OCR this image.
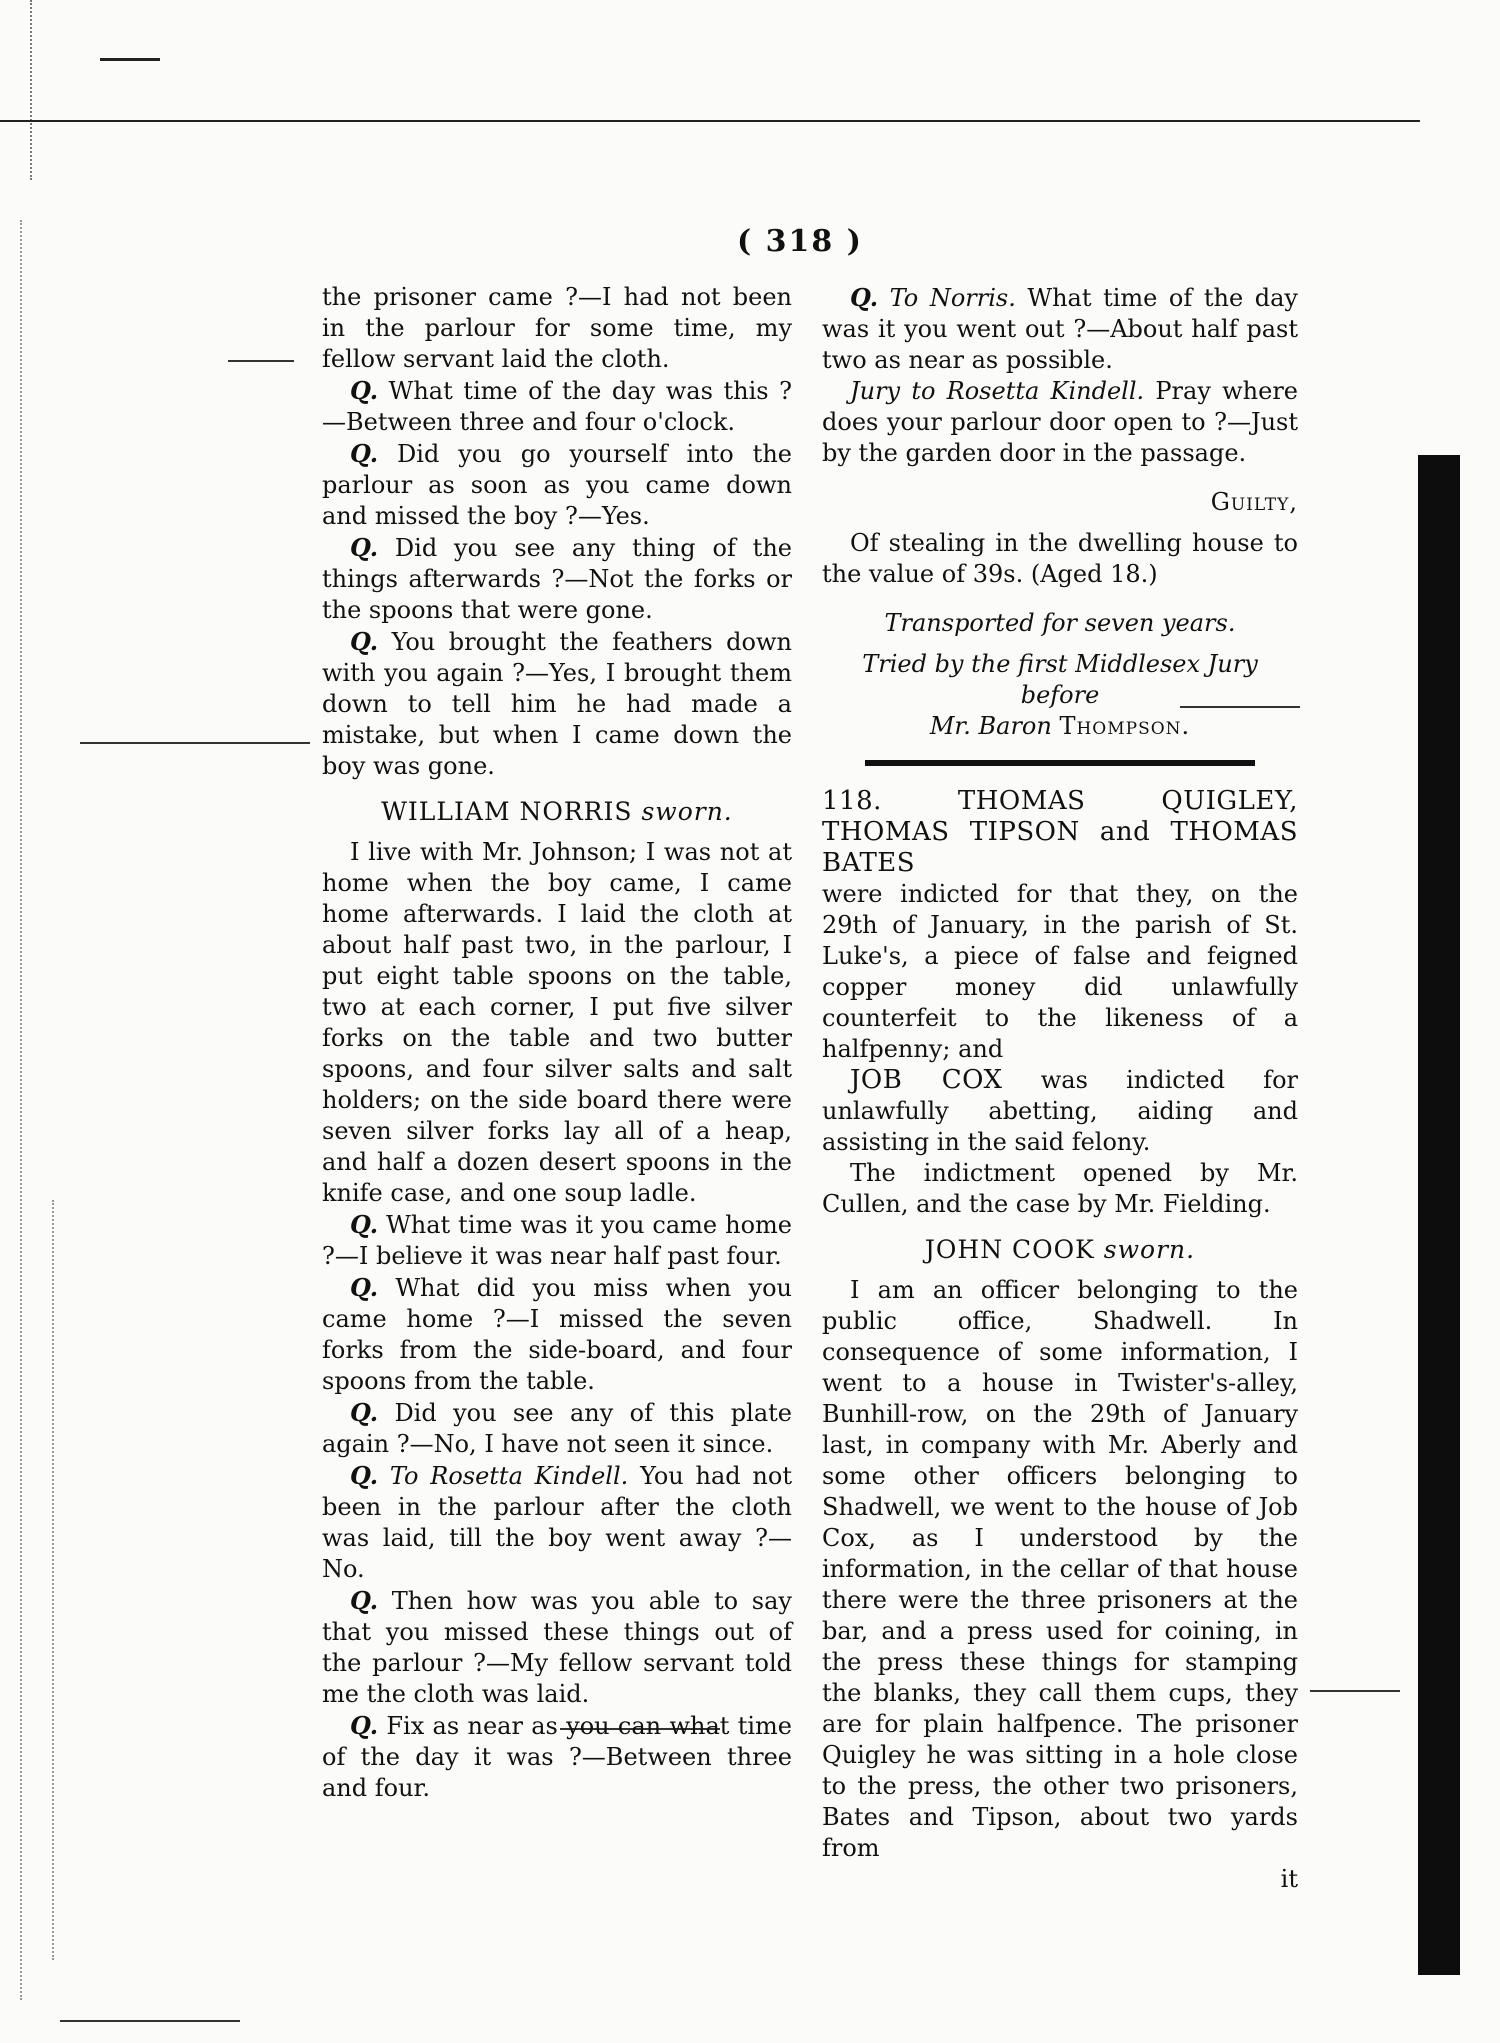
( 318 )

the prisoner came ?—I had not been in the parlour for some time, my fellow servant laid the cloth.

Q. What time of the day was this ?—Between three and four o'clock.

Q. Did you go yourself into the parlour as soon as you came down and missed the boy ?—Yes.

Q. Did you see any thing of the things afterwards ?—Not the forks or the spoons that were gone.

Q. You brought the feathers down with you again ?—Yes, I brought them down to tell him he had made a mistake, but when I came down the boy was gone.

WILLIAM NORRIS sworn.

I live with Mr. Johnson; I was not at home when the boy came, I came home afterwards. I laid the cloth at about half past two, in the parlour, I put eight table spoons on the table, two at each corner, I put five silver forks on the table and two butter spoons, and four silver salts and salt holders; on the side board there were seven silver forks lay all of a heap, and half a dozen desert spoons in the knife case, and one soup ladle.

Q. What time was it you came home ?—I believe it was near half past four.

Q. What did you miss when you came home ?—I missed the seven forks from the side-board, and four spoons from the table.

Q. Did you see any of this plate again ?—No, I have not seen it since.

Q. To Rosetta Kindell. You had not been in the parlour after the cloth was laid, till the boy went away ?—No.

Q. Then how was you able to say that you missed these things out of the parlour ?—My fellow servant told me the cloth was laid.

Q. Fix as near as you can what time of the day it was ?—Between three and four.

Q. To Norris. What time of the day was it you went out ?—About half past two as near as possible.

Jury to Rosetta Kindell. Pray where does your parlour door open to ?—Just by the garden door in the passage.

Guilty,

Of stealing in the dwelling house to the value of 39s. (Aged 18.)

Transported for seven years.

Tried by the first Middlesex Jury before

Mr. Baron Thompson.

118.	THOMAS QUIGLEY, THOMAS TIPSON and THOMAS BATES

were indicted for that they, on the 29th of January, in the parish of St. Luke's, a piece of false and feigned copper money did unlawfully counterfeit to the likeness of a halfpenny; and

JOB COX was indicted for unlawfully abetting, aiding and assisting in the said felony.

The indictment opened by Mr. Cullen, and the case by Mr. Fielding.

JOHN COOK sworn.

I am an officer belonging to the public office, Shadwell. In consequence of some information, I went to a house in Twister's-alley, Bunhill-row, on the 29th of January last, in company with Mr. Aberly and some other officers belonging to Shadwell, we went to the house of Job Cox, as I understood by the information, in the cellar of that house there were the three prisoners at the bar, and a press used for coining, in the press these things for stamping the blanks, they call them cups, they are for plain halfpence. The prisoner Quigley he was sitting in a hole close to the press, the other two prisoners, Bates and Tipson, about two yards from

it
